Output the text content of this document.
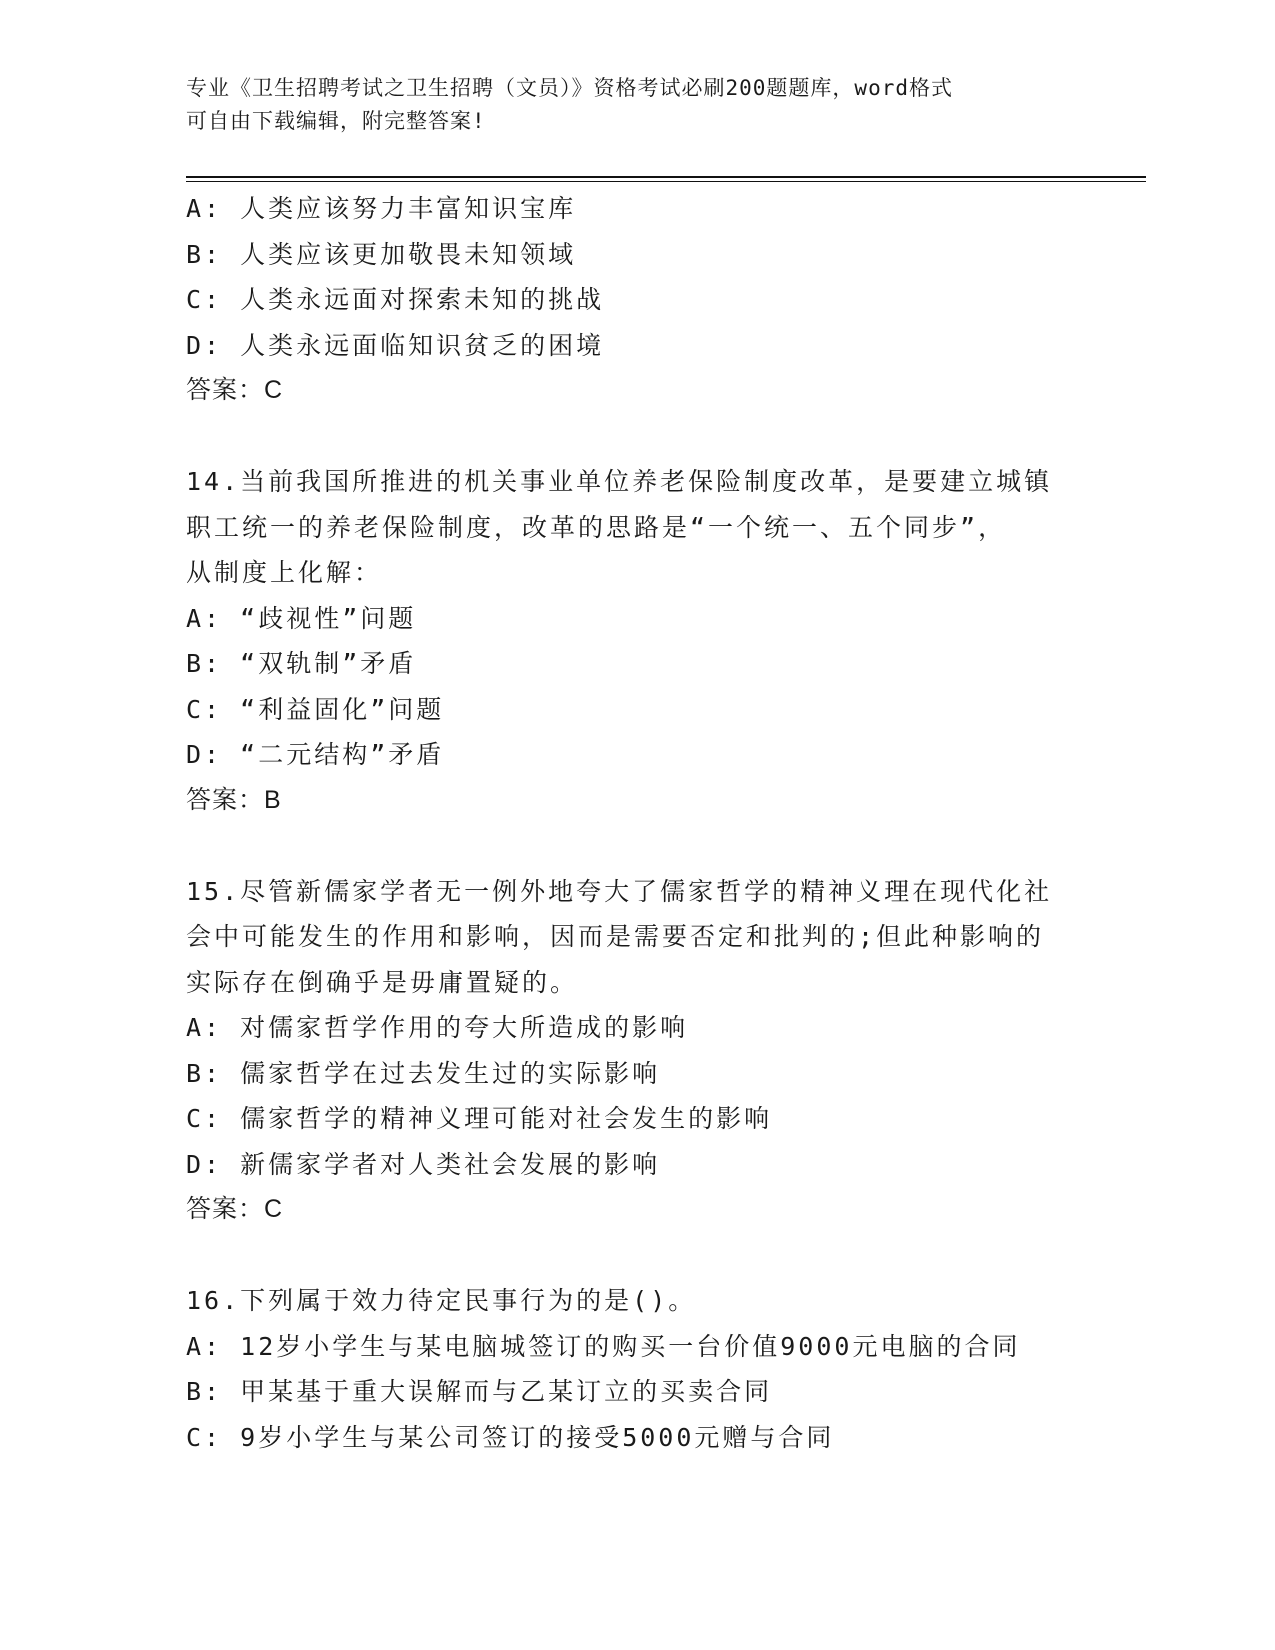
专业《卫生招聘考试之卫生招聘（文员）》资格考试必刷200题题库，word格式
可自由下载编辑，附完整答案!
A: 人类应该努力丰富知识宝库
B: 人类应该更加敬畏未知领域
C: 人类永远面对探索未知的挑战
D: 人类永远面临知识贫乏的困境
答案：C
14.当前我国所推进的机关事业单位养老保险制度改革，是要建立城镇
职工统一的养老保险制度，改革的思路是“一个统一、五个同步”，
从制度上化解：
A: “歧视性”问题
B: “双轨制”矛盾
C: “利益固化”问题
D: “二元结构”矛盾
答案：B
15.尽管新儒家学者无一例外地夸大了儒家哲学的精神义理在现代化社
会中可能发生的作用和影响，因而是需要否定和批判的;但此种影响的
实际存在倒确乎是毋庸置疑的。
A: 对儒家哲学作用的夸大所造成的影响
B: 儒家哲学在过去发生过的实际影响
C: 儒家哲学的精神义理可能对社会发生的影响
D: 新儒家学者对人类社会发展的影响
答案：C
16.下列属于效力待定民事行为的是()。
A: 12岁小学生与某电脑城签订的购买一台价值9000元电脑的合同
B: 甲某基于重大误解而与乙某订立的买卖合同
C: 9岁小学生与某公司签订的接受5000元赠与合同
